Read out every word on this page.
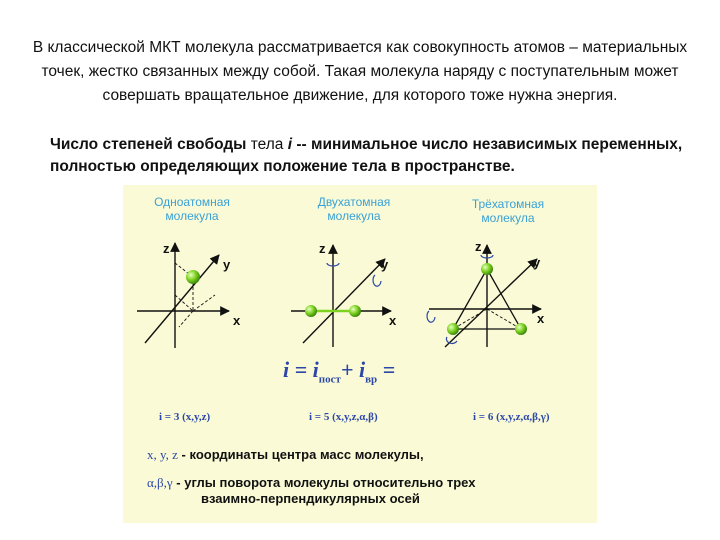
В классической МКТ молекула рассматривается как совокупность атомов – материальных точек, жестко связанных между собой. Такая молекула наряду с поступательным может совершать вращательное движение, для которого тоже нужна энергия.

Число степеней свободы тела i -- минимальное число независимых переменных, полностью определяющих положение тела в пространстве.

Одноатомная молекула
Двухатомная молекула
Трёхатомная молекула
z
y
x
z
y
x
z
y
x
$i = i_{пост}+ i_{вр}$ =
i = 3 (x,y,z)	i = 5 (x,y,z,α,β)	i = 6 (x,y,z,α,β,γ)
x, y, z - координаты центра масс молекулы,
α,β,γ - углы поворота молекулы относительно трех
взаимно-перпендикулярных осей
